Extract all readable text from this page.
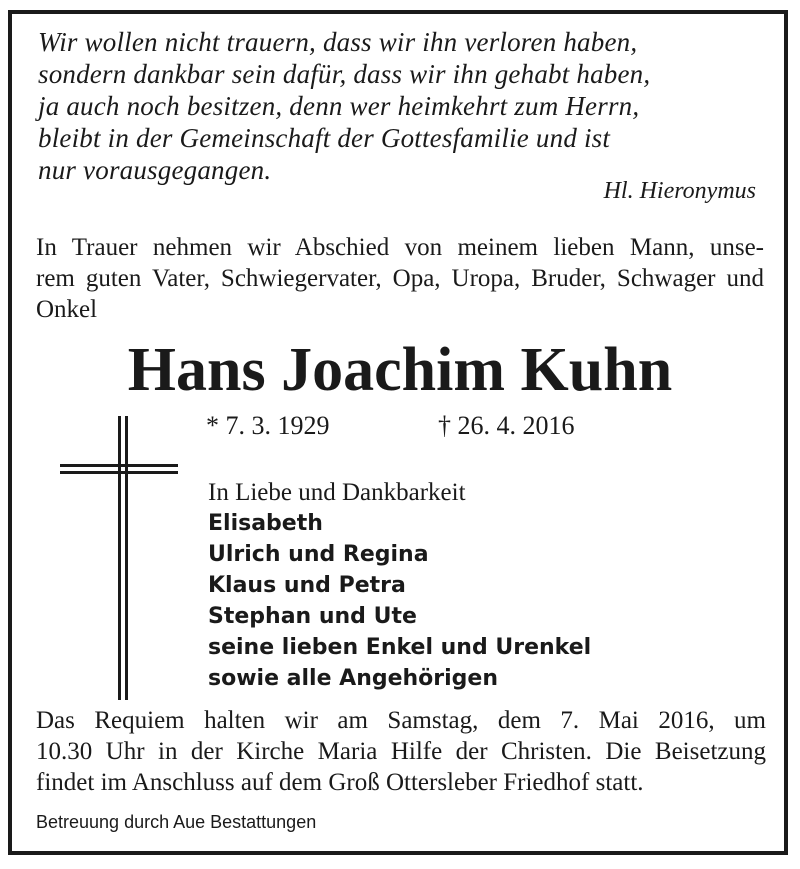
Wir wollen nicht trauern, dass wir ihn verloren haben,
sondern dankbar sein dafür, dass wir ihn gehabt haben,
ja auch noch besitzen, denn wer heimkehrt zum Herrn,
bleibt in der Gemeinschaft der Gottesfamilie und ist
nur vorausgegangen.
Hl. Hieronymus
In Trauer nehmen wir Abschied von meinem lieben Mann, unse-
rem guten Vater, Schwiegervater, Opa, Uropa, Bruder, Schwager und
Onkel
Hans Joachim Kuhn
* 7. 3. 1929	† 26. 4. 2016
In Liebe und Dankbarkeit
Elisabeth
Ulrich und Regina
Klaus und Petra
Stephan und Ute
seine lieben Enkel und Urenkel
sowie alle Angehörigen
Das Requiem halten wir am Samstag, dem 7. Mai 2016, um
10.30 Uhr in der Kirche Maria Hilfe der Christen. Die Beisetzung
findet im Anschluss auf dem Groß Ottersleber Friedhof statt.
Betreuung durch Aue Bestattungen
